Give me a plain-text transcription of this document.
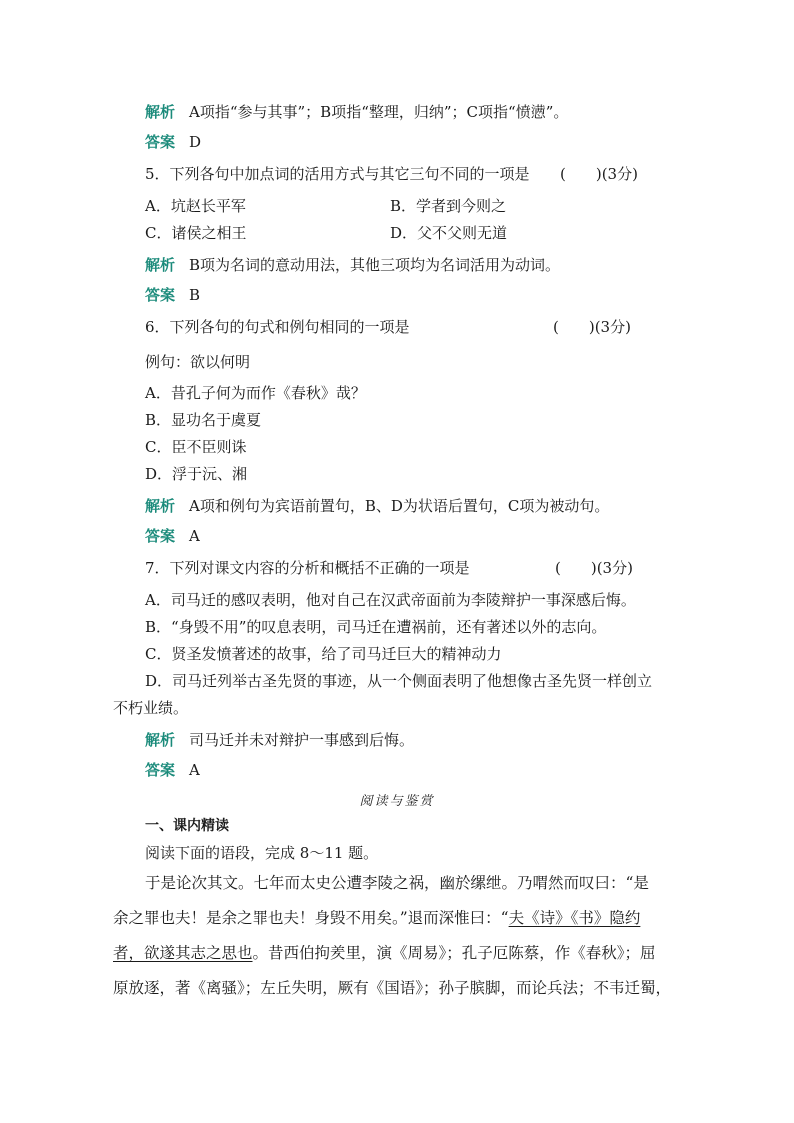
解析 A项指“参与其事”；B项指“整理，归纳”；C项指“愤懑”。
答案 D
5．下列各句中加点词的活用方式与其它三句不同的一项是 (　　)(3分)
A．坑赵长平军	B．学者到今则之
C．诸侯之相王	D．父不父则无道
解析 B项为名词的意动用法，其他三项均为名词活用为动词。
答案 B
6．下列各句的句式和例句相同的一项是	(　　)(3分)
例句：欲以何明
A．昔孔子何为而作《春秋》哉？
B．显功名于虞夏
C．臣不臣则诛
D．浮于沅、湘
解析 A项和例句为宾语前置句，B、D为状语后置句，C项为被动句。
答案 A
7．下列对课文内容的分析和概括不正确的一项是	(　　)(3分)
A．司马迁的感叹表明，他对自己在汉武帝面前为李陵辩护一事深感后悔。
B．“身毁不用”的叹息表明，司马迁在遭祸前，还有著述以外的志向。
C．贤圣发愤著述的故事，给了司马迁巨大的精神动力
D．司马迁列举古圣先贤的事迹，从一个侧面表明了他想像古圣先贤一样创立
不朽业绩。
解析 司马迁并未对辩护一事感到后悔。
答案 A
阅读与鉴赏
一、课内精读
阅读下面的语段，完成 8～11 题。
于是论次其文。七年而太史公遭李陵之祸，幽於缧绁。乃喟然而叹曰：“是
余之罪也夫！是余之罪也夫！身毁不用矣。”退而深惟曰：“夫《诗》《书》隐约
者，欲遂其志之思也。昔西伯拘羑里，演《周易》；孔子厄陈蔡，作《春秋》；屈
原放逐，著《离骚》；左丘失明，厥有《国语》；孙子膑脚，而论兵法；不韦迁蜀，
